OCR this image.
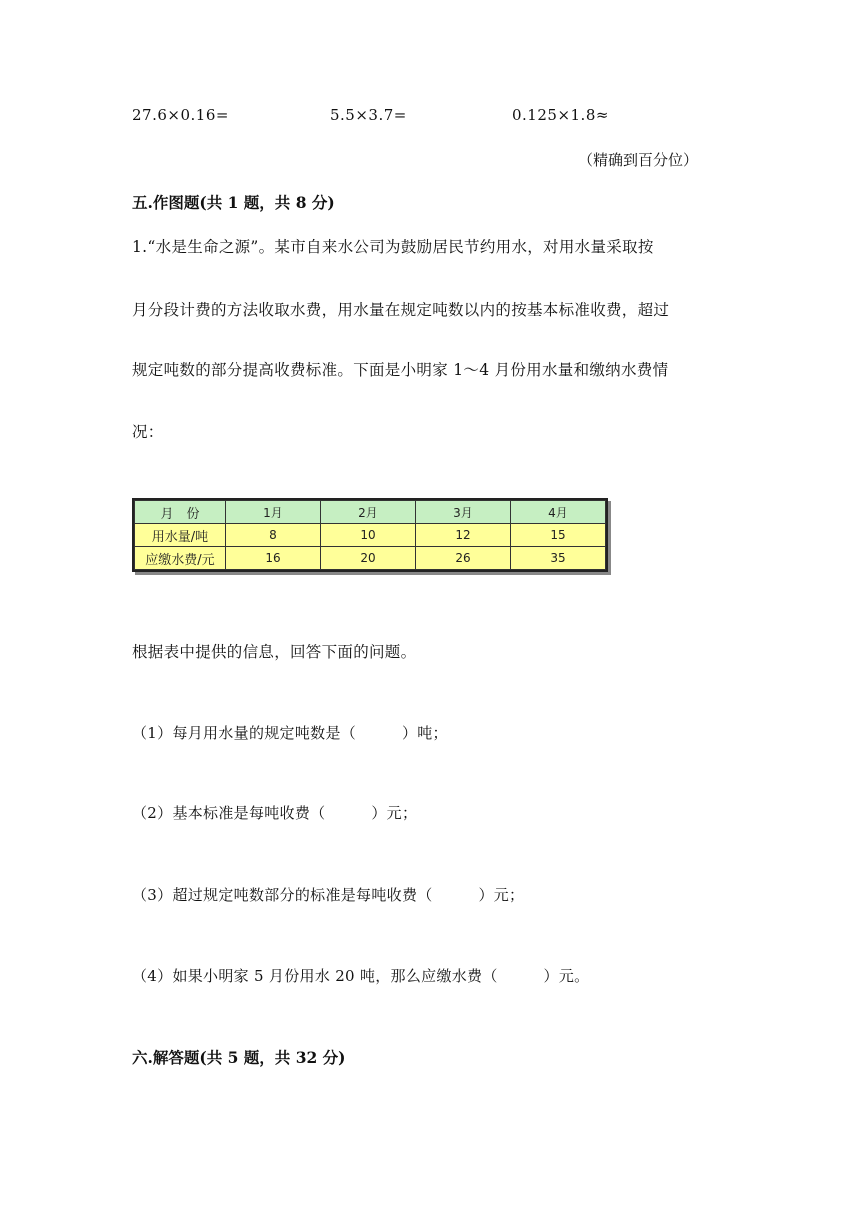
27.6×0.16=	5.5×3.7=	0.125×1.8≈
（精确到百分位）
五.作图题(共 1 题，共 8 分)
1.“水是生命之源”。某市自来水公司为鼓励居民节约用水，对用水量采取按
月分段计费的方法收取水费，用水量在规定吨数以内的按基本标准收费，超过
规定吨数的部分提高收费标准。下面是小明家 1～4 月份用水量和缴纳水费情
况：
月　份	1月	2月	3月	4月
用水量/吨	8	10	12	15
应缴水费/元	16	20	26	35
根据表中提供的信息，回答下面的问题。
（1）每月用水量的规定吨数是（　　　）吨；
（2）基本标准是每吨收费（　　　）元；
（3）超过规定吨数部分的标准是每吨收费（　　　）元；
（4）如果小明家 5 月份用水 20 吨，那么应缴水费（　　　）元。
六.解答题(共 5 题，共 32 分)
